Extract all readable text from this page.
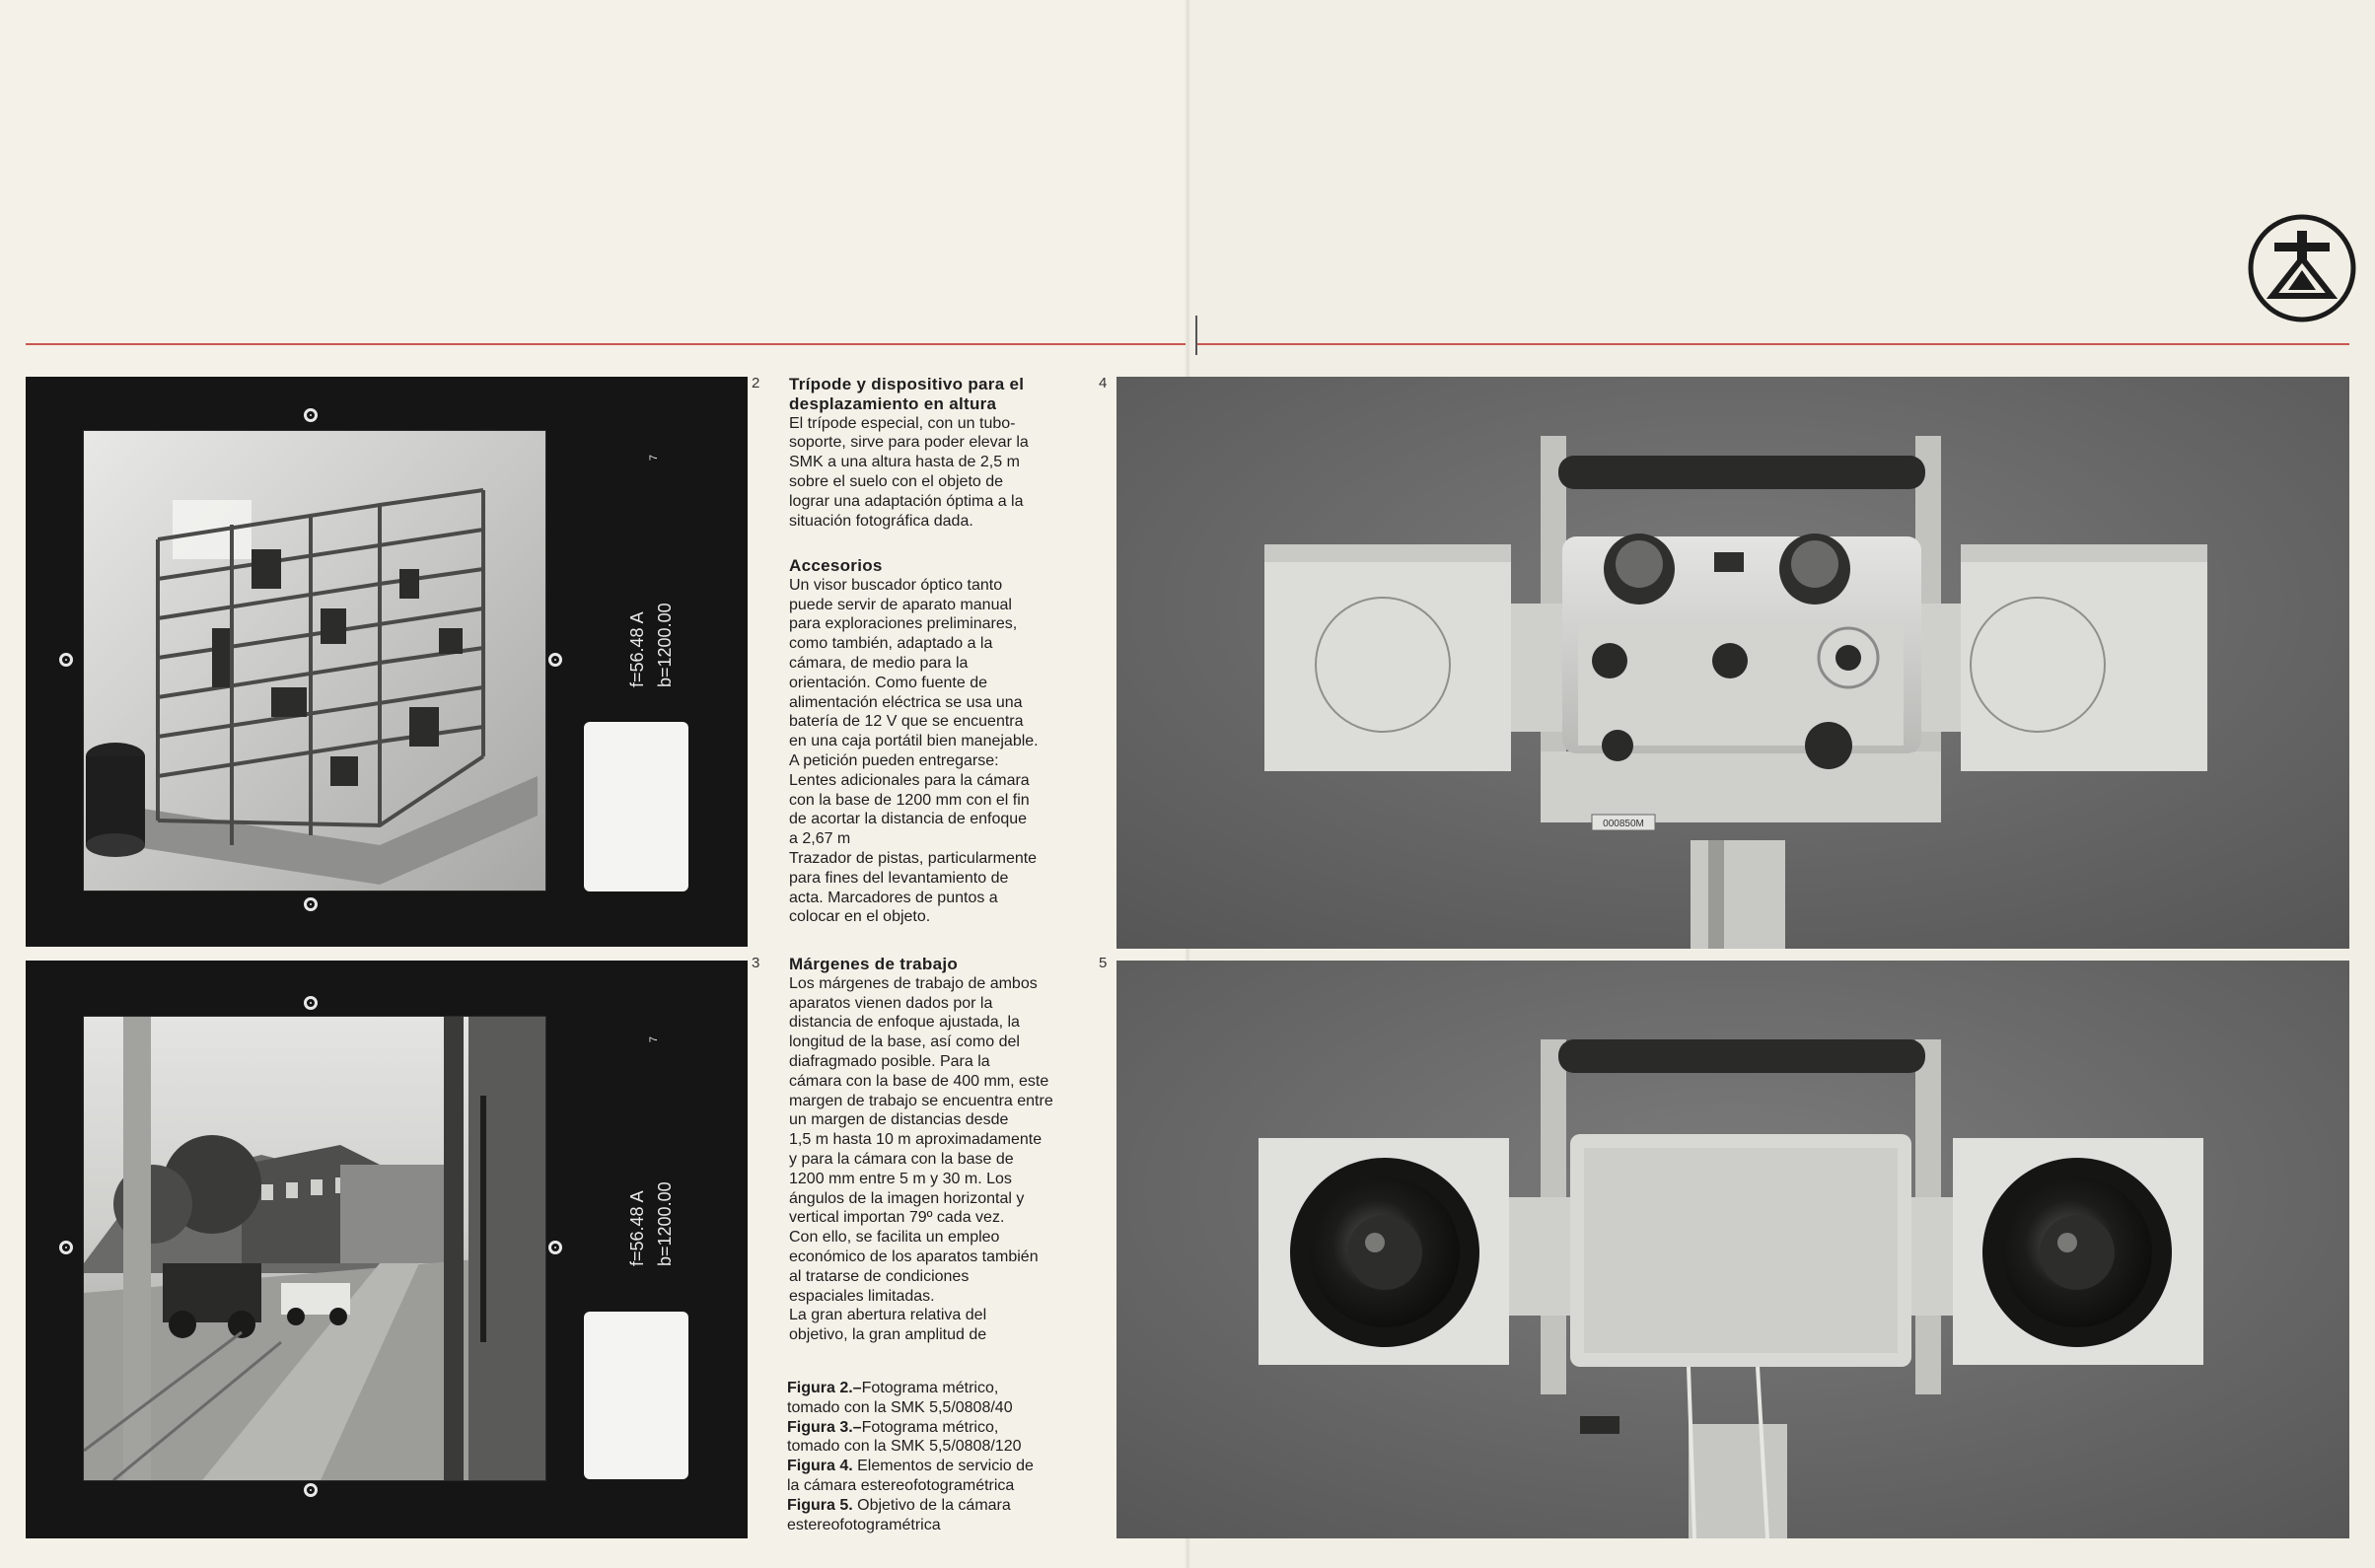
f=56.48 A b=1200.00
7
f=56.48 A b=1200.00
7
2
3
4
5
Trípode y dispositivo para el
desplazamiento en altura

El trípode especial, con un tubo-

soporte, sirve para poder elevar la

SMK a una altura hasta de 2,5 m

sobre el suelo con el objeto de

lograr una adaptación óptima a la

situación fotográfica dada.

Accesorios

Un visor buscador óptico tanto

puede servir de aparato manual

para exploraciones preliminares,

como también, adaptado a la

cámara, de medio para la

orientación. Como fuente de

alimentación eléctrica se usa una

batería de 12 V que se encuentra

en una caja portátil bien manejable.

A petición pueden entregarse:

Lentes adicionales para la cámara

con la base de 1200 mm con el fin

de acortar la distancia de enfoque

a 2,67 m

Trazador de pistas, particularmente

para fines del levantamiento de

acta. Marcadores de puntos a

colocar en el objeto.

Márgenes de trabajo

Los márgenes de trabajo de ambos

aparatos vienen dados por la

distancia de enfoque ajustada, la

longitud de la base, así como del

diafragmado posible. Para la

cámara con la base de 400 mm, este

margen de trabajo se encuentra entre

un margen de distancias desde

1,5 m hasta 10 m aproximadamente

y para la cámara con la base de

1200 mm entre 5 m y 30 m. Los

ángulos de la imagen horizontal y

vertical importan 79º cada vez.

Con ello, se facilita un empleo

económico de los aparatos también

al tratarse de condiciones

espaciales limitadas.

La gran abertura relativa del

objetivo, la gran amplitud de

Figura 2.–Fotograma métrico,
tomado con la SMK 5,5/0808/40
Figura 3.–Fotograma métrico,
tomado con la SMK 5,5/0808/120
Figura 4. Elementos de servicio de
la cámara estereofotogramétrica
Figura 5. Objetivo de la cámara
estereofotogramétrica
000850M
